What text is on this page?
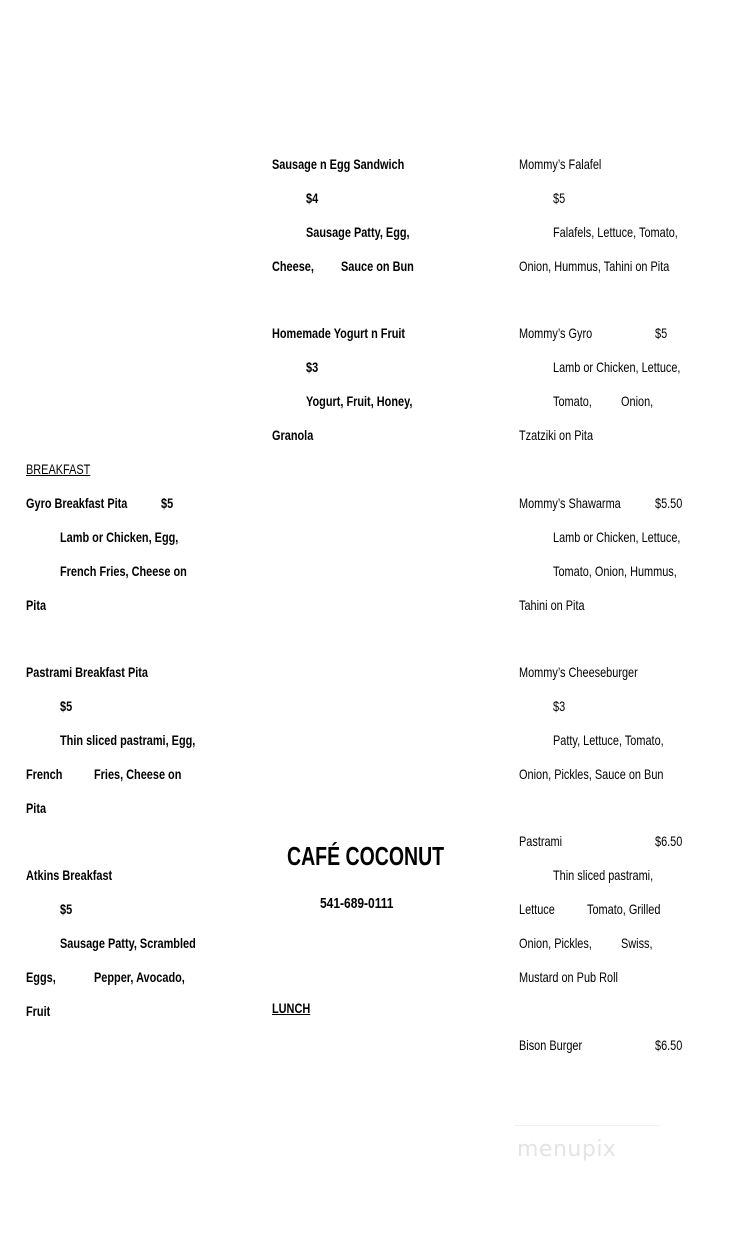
BREAKFAST
Gyro Breakfast Pita $5
Lamb or Chicken, Egg,
French Fries, Cheese on
Pita
Pastrami Breakfast Pita
$5
Thin sliced pastrami, Egg,
French Fries, Cheese on
Pita
Atkins Breakfast
$5
Sausage Patty, Scrambled
Eggs,	Pepper, Avocado,
Fruit
Sausage n Egg Sandwich
$4
Sausage Patty, Egg,
Cheese, Sauce on Bun
Homemade Yogurt n Fruit
$3
Yogurt, Fruit, Honey,
Granola
CAFÉ COCONUT
541-689-0111
LUNCH
Mommy’s Falafel
$5
Falafels, Lettuce, Tomato,
Onion, Hummus, Tahini on Pita
Mommy’s Gyro	$5
Lamb or Chicken, Lettuce,
Tomato, Onion,
Tzatziki on Pita
Mommy’s Shawarma $5.50
Lamb or Chicken, Lettuce,
Tomato, Onion, Hummus,
Tahini on Pita
Mommy’s Cheeseburger
$3
Patty, Lettuce, Tomato,
Onion, Pickles, Sauce on Bun
Pastrami	$6.50
Thin sliced pastrami,
Lettuce Tomato, Grilled
Onion, Pickles, Swiss,
Mustard on Pub Roll
Bison Burger	$6.50
menupix
